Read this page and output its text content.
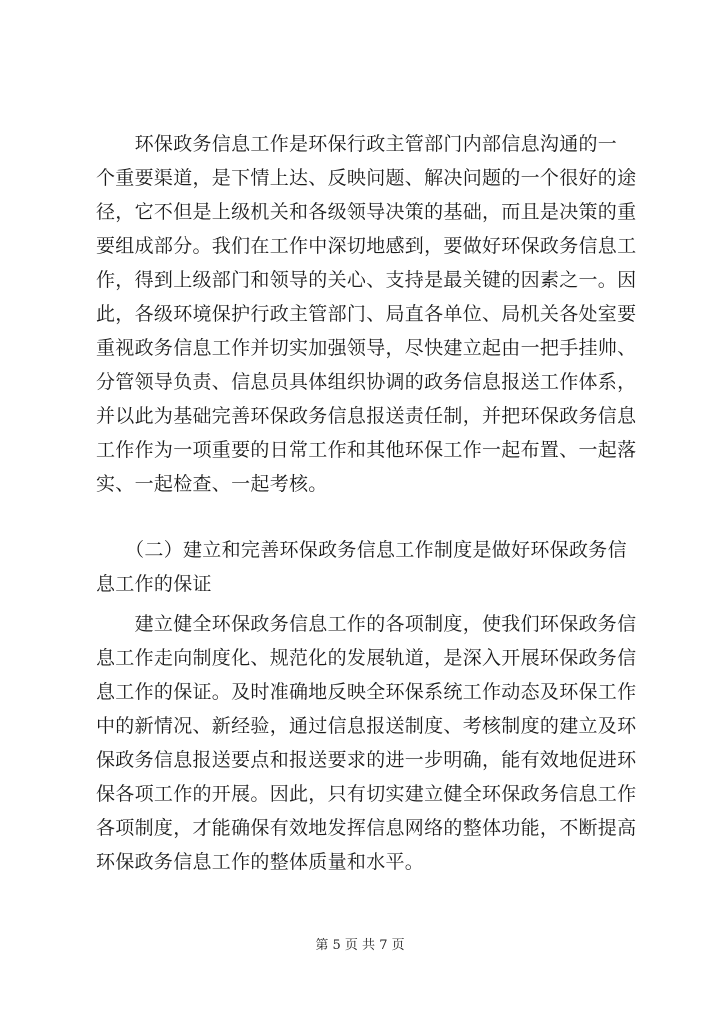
　　环保政务信息工作是环保行政主管部门内部信息沟通的一
个重要渠道，是下情上达、反映问题、解决问题的一个很好的途
径，它不但是上级机关和各级领导决策的基础，而且是决策的重
要组成部分。我们在工作中深切地感到，要做好环保政务信息工
作，得到上级部门和领导的关心、支持是最关键的因素之一。因
此，各级环境保护行政主管部门、局直各单位、局机关各处室要
重视政务信息工作并切实加强领导，尽快建立起由一把手挂帅、
分管领导负责、信息员具体组织协调的政务信息报送工作体系，
并以此为基础完善环保政务信息报送责任制，并把环保政务信息
工作作为一项重要的日常工作和其他环保工作一起布置、一起落
实、一起检查、一起考核。
　　（二）建立和完善环保政务信息工作制度是做好环保政务信
息工作的保证
　　建立健全环保政务信息工作的各项制度，使我们环保政务信
息工作走向制度化、规范化的发展轨道，是深入开展环保政务信
息工作的保证。及时准确地反映全环保系统工作动态及环保工作
中的新情况、新经验，通过信息报送制度、考核制度的建立及环
保政务信息报送要点和报送要求的进一步明确，能有效地促进环
保各项工作的开展。因此，只有切实建立健全环保政务信息工作
各项制度，才能确保有效地发挥信息网络的整体功能，不断提高
环保政务信息工作的整体质量和水平。
第 5 页 共 7 页
